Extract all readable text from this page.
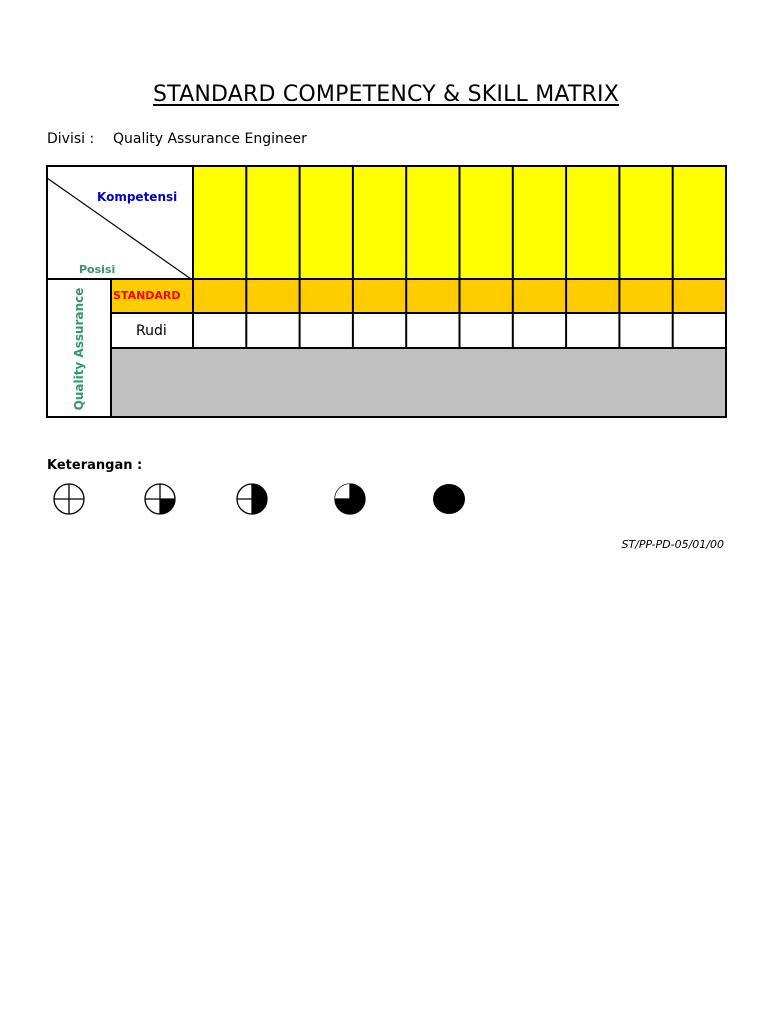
STANDARD COMPETENCY & SKILL MATRIX
Divisi : Quality Assurance Engineer
Kompetensi
Posisi
STANDARD
Rudi
Quality Assurance
Keterangan :
ST/PP-PD-05/01/00
